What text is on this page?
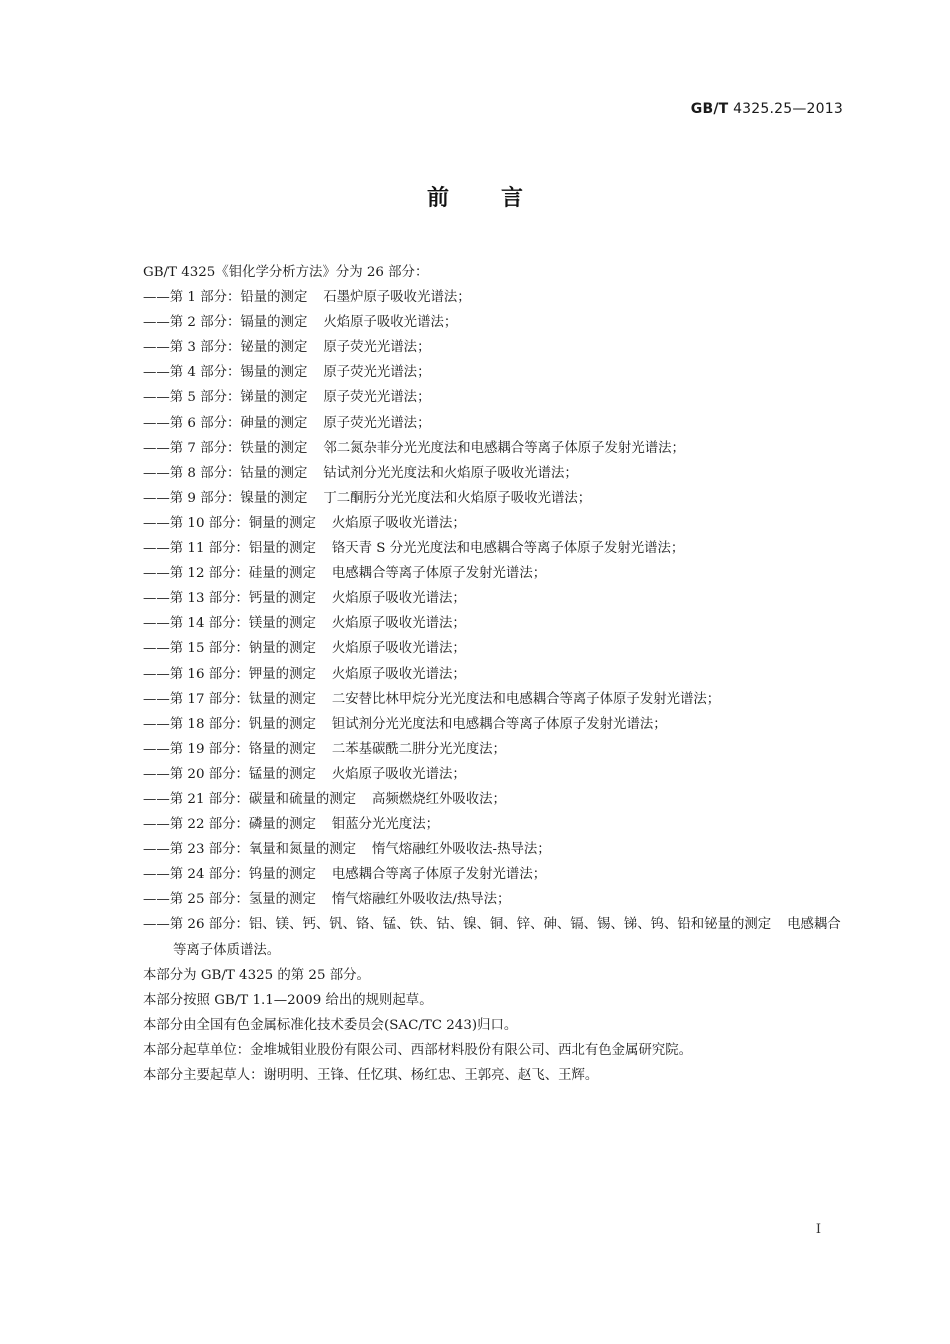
GB/T 4325.25—2013
前言
GB/T 4325《钼化学分析方法》分为 26 部分：
——第 1 部分：铅量的测定 石墨炉原子吸收光谱法；
——第 2 部分：镉量的测定 火焰原子吸收光谱法；
——第 3 部分：铋量的测定 原子荧光光谱法；
——第 4 部分：锡量的测定 原子荧光光谱法；
——第 5 部分：锑量的测定 原子荧光光谱法；
——第 6 部分：砷量的测定 原子荧光光谱法；
——第 7 部分：铁量的测定 邻二氮杂菲分光光度法和电感耦合等离子体原子发射光谱法；
——第 8 部分：钴量的测定 钴试剂分光光度法和火焰原子吸收光谱法；
——第 9 部分：镍量的测定 丁二酮肟分光光度法和火焰原子吸收光谱法；
——第 10 部分：铜量的测定 火焰原子吸收光谱法；
——第 11 部分：铝量的测定 铬天青 S 分光光度法和电感耦合等离子体原子发射光谱法；
——第 12 部分：硅量的测定 电感耦合等离子体原子发射光谱法；
——第 13 部分：钙量的测定 火焰原子吸收光谱法；
——第 14 部分：镁量的测定 火焰原子吸收光谱法；
——第 15 部分：钠量的测定 火焰原子吸收光谱法；
——第 16 部分：钾量的测定 火焰原子吸收光谱法；
——第 17 部分：钛量的测定 二安替比林甲烷分光光度法和电感耦合等离子体原子发射光谱法；
——第 18 部分：钒量的测定 钽试剂分光光度法和电感耦合等离子体原子发射光谱法；
——第 19 部分：铬量的测定 二苯基碳酰二肼分光光度法；
——第 20 部分：锰量的测定 火焰原子吸收光谱法；
——第 21 部分：碳量和硫量的测定 高频燃烧红外吸收法；
——第 22 部分：磷量的测定 钼蓝分光光度法；
——第 23 部分：氧量和氮量的测定 惰气熔融红外吸收法-热导法；
——第 24 部分：钨量的测定 电感耦合等离子体原子发射光谱法；
——第 25 部分：氢量的测定 惰气熔融红外吸收法/热导法；
——第 26 部分：铝、镁、钙、钒、铬、锰、铁、钴、镍、铜、锌、砷、镉、锡、锑、钨、铅和铋量的测定 电感耦合等离子体质谱法。
本部分为 GB/T 4325 的第 25 部分。
本部分按照 GB/T 1.1—2009 给出的规则起草。
本部分由全国有色金属标准化技术委员会(SAC/TC 243)归口。
本部分起草单位：金堆城钼业股份有限公司、西部材料股份有限公司、西北有色金属研究院。
本部分主要起草人：谢明明、王锋、任忆琪、杨红忠、王郭亮、赵飞、王辉。
I
